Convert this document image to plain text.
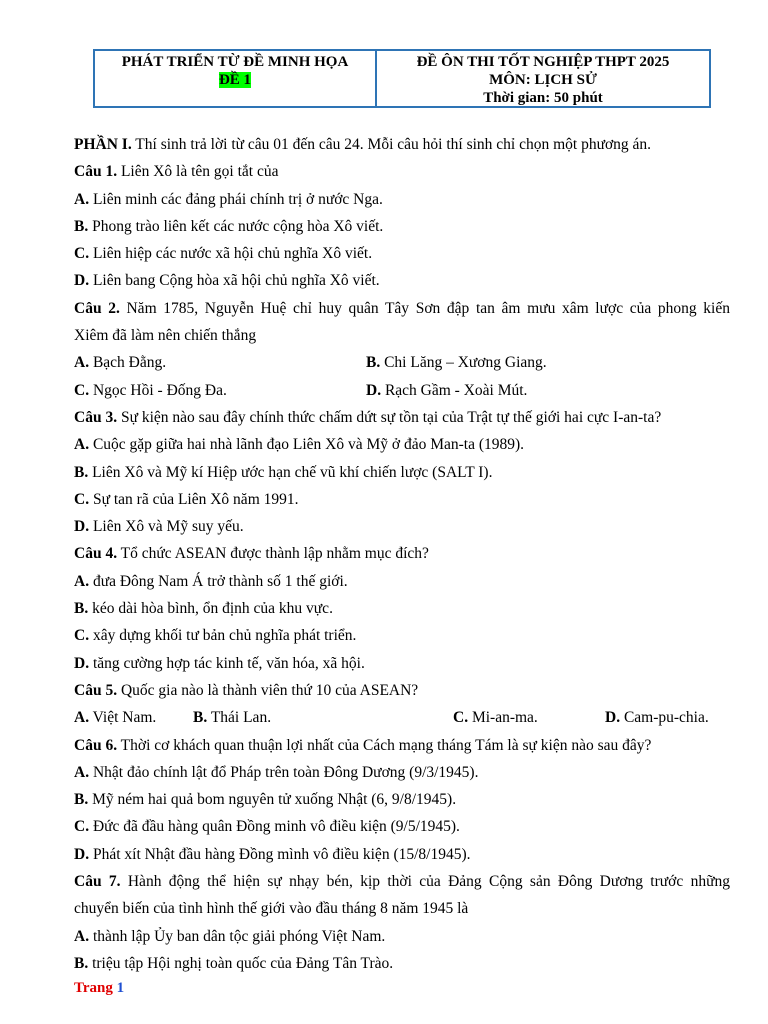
PHÁT TRIỂN TỪ ĐỀ MINH HỌA
ĐỀ 1
ĐỀ ÔN THI TỐT NGHIỆP THPT 2025
MÔN: LỊCH SỬ
Thời gian: 50 phút
PHẦN I. Thí sinh trả lời từ câu 01 đến câu 24. Mỗi câu hỏi thí sinh chỉ chọn một phương án.
Câu 1. Liên Xô là tên gọi tắt của
A. Liên minh các đảng phái chính trị ở nước Nga.
B. Phong trào liên kết các nước cộng hòa Xô viết.
C. Liên hiệp các nước xã hội chủ nghĩa Xô viết.
D. Liên bang Cộng hòa xã hội chủ nghĩa Xô viết.
Câu 2. Năm 1785, Nguyễn Huệ chỉ huy quân Tây Sơn đập tan âm mưu xâm lược của phong kiến
Xiêm đã làm nên chiến thắng
A. Bạch Đằng.	B. Chi Lăng – Xương Giang.
C. Ngọc Hồi - Đống Đa.	D. Rạch Gầm - Xoài Mút.
Câu 3. Sự kiện nào sau đây chính thức chấm dứt sự tồn tại của Trật tự thế giới hai cực I-an-ta?
A. Cuộc gặp giữa hai nhà lãnh đạo Liên Xô và Mỹ ở đảo Man-ta (1989).
B. Liên Xô và Mỹ kí Hiệp ước hạn chế vũ khí chiến lược (SALT I).
C. Sự tan rã của Liên Xô năm 1991.
D. Liên Xô và Mỹ suy yếu.
Câu 4. Tổ chức ASEAN được thành lập nhằm mục đích?
A. đưa Đông Nam Á trở thành số 1 thế giới.
B. kéo dài hòa bình, ổn định của khu vực.
C. xây dựng khối tư bản chủ nghĩa phát triển.
D. tăng cường hợp tác kinh tế, văn hóa, xã hội.
Câu 5. Quốc gia nào là thành viên thứ 10 của ASEAN?
A. Việt Nam.	B. Thái Lan.	C. Mi-an-ma.	D. Cam-pu-chia.
Câu 6. Thời cơ khách quan thuận lợi nhất của Cách mạng tháng Tám là sự kiện nào sau đây?
A. Nhật đảo chính lật đổ Pháp trên toàn Đông Dương (9/3/1945).
B. Mỹ ném hai quả bom nguyên tử xuống Nhật (6, 9/8/1945).
C. Đức đã đầu hàng quân Đồng minh vô điều kiện (9/5/1945).
D. Phát xít Nhật đầu hàng Đồng mình vô điều kiện (15/8/1945).
Câu 7. Hành động thể hiện sự nhạy bén, kịp thời của Đảng Cộng sản Đông Dương trước những
chuyển biến của tình hình thế giới vào đầu tháng 8 năm 1945 là
A. thành lập Ủy ban dân tộc giải phóng Việt Nam.
B. triệu tập Hội nghị toàn quốc của Đảng Tân Trào.
Trang 1
